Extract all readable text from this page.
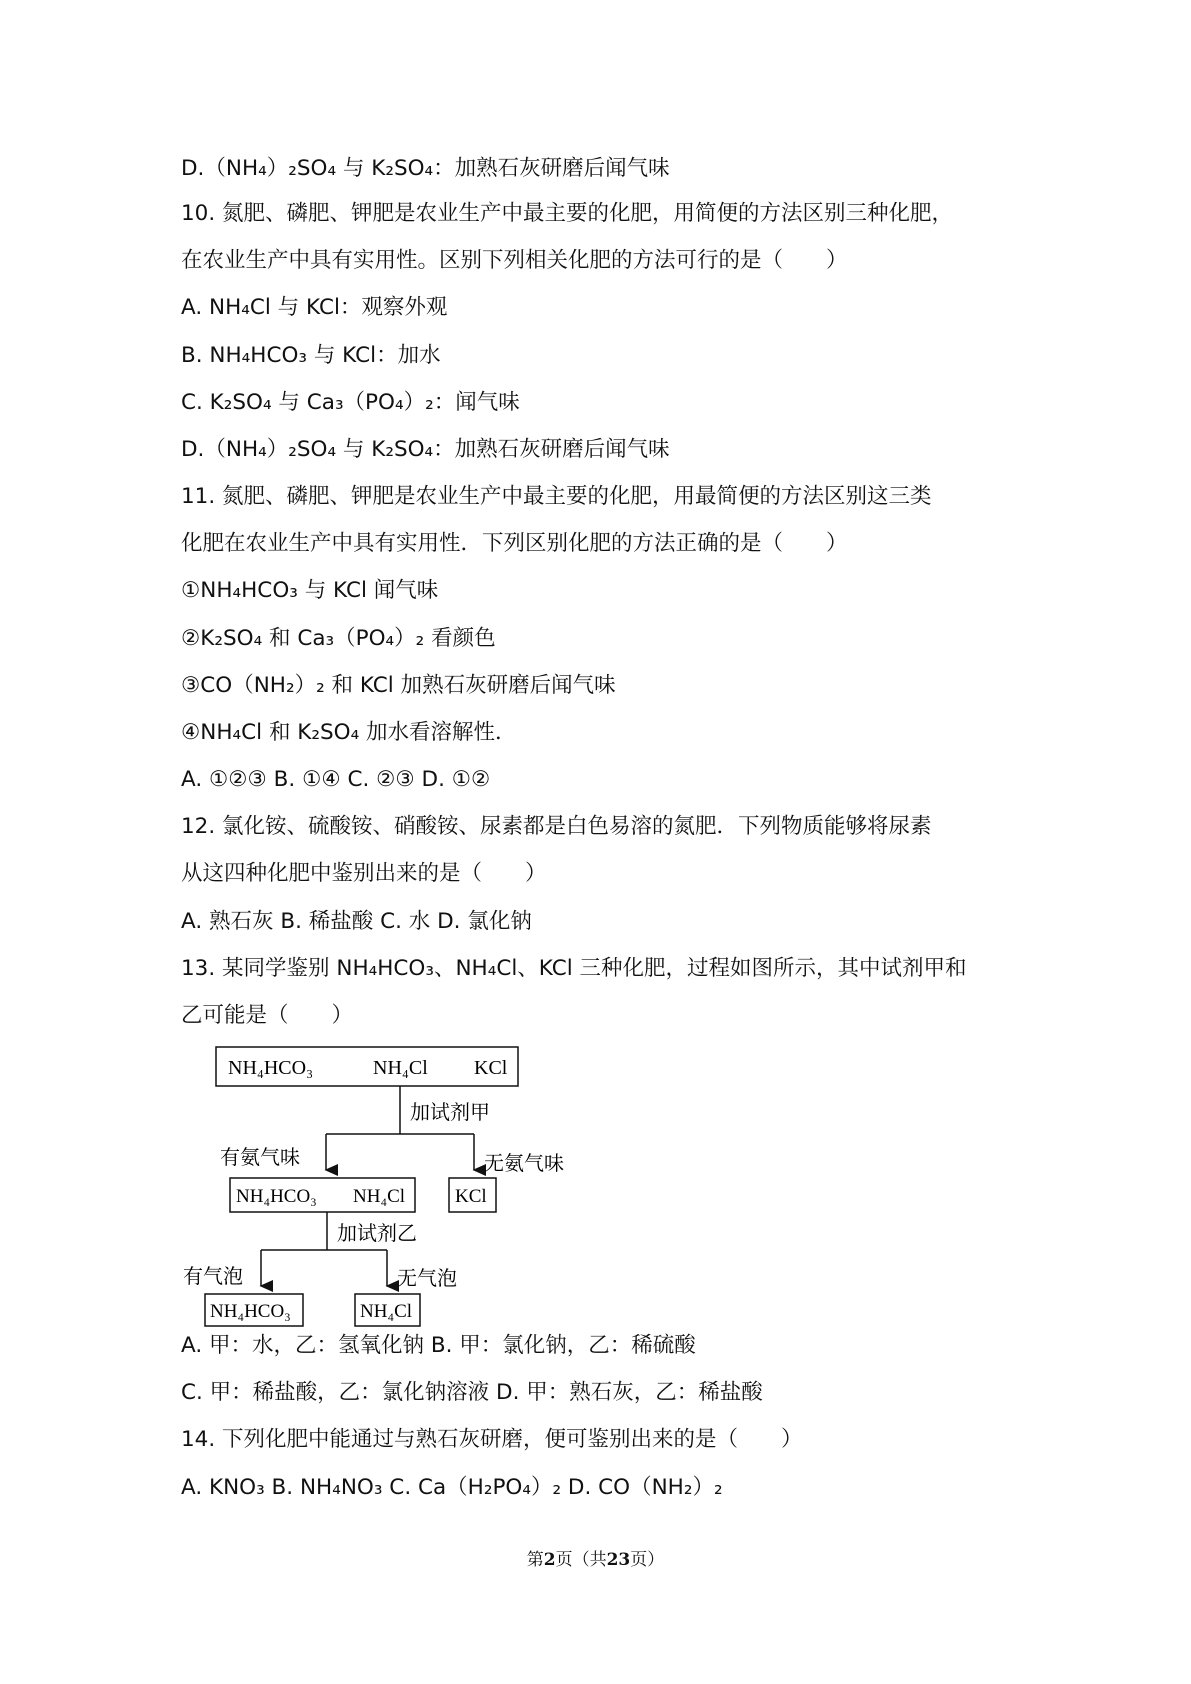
D.（NH₄）₂SO₄ 与 K₂SO₄：加熟石灰研磨后闻气味
10. 氮肥、磷肥、钾肥是农业生产中最主要的化肥，用简便的方法区别三种化肥，
在农业生产中具有实用性。区别下列相关化肥的方法可行的是（　　）
A. NH₄Cl 与 KCl：观察外观
B. NH₄HCO₃ 与 KCl：加水
C. K₂SO₄ 与 Ca₃（PO₄）₂：闻气味
D.（NH₄）₂SO₄ 与 K₂SO₄：加熟石灰研磨后闻气味
11. 氮肥、磷肥、钾肥是农业生产中最主要的化肥，用最简便的方法区别这三类
化肥在农业生产中具有实用性．下列区别化肥的方法正确的是（　　）
①NH₄HCO₃ 与 KCl 闻气味
②K₂SO₄ 和 Ca₃（PO₄）₂ 看颜色
③CO（NH₂）₂ 和 KCl 加熟石灰研磨后闻气味
④NH₄Cl 和 K₂SO₄ 加水看溶解性．
A. ①②③ B. ①④ C. ②③ D. ①②
12. 氯化铵、硫酸铵、硝酸铵、尿素都是白色易溶的氮肥．下列物质能够将尿素
从这四种化肥中鉴别出来的是（　　）
A. 熟石灰 B. 稀盐酸 C. 水 D. 氯化钠
13. 某同学鉴别 NH₄HCO₃、NH₄Cl、KCl 三种化肥，过程如图所示，其中试剂甲和
乙可能是（　　）
A. 甲：水，乙：氢氧化钠 B. 甲：氯化钠，乙：稀硫酸
C. 甲：稀盐酸，乙：氯化钠溶液 D. 甲：熟石灰，乙：稀盐酸
14. 下列化肥中能通过与熟石灰研磨，便可鉴别出来的是（　　）
A. KNO₃ B. NH₄NO₃ C. Ca（H₂PO₄）₂ D. CO（NH₂）₂
NH₄HCO₃	NH₄Cl KCl
加试剂甲
有氨气味	无氨气味
NH₄HCO₃ NH₄Cl	KCl
加试剂乙
有气泡	无气泡
NH₄HCO₃	NH₄Cl
第2页（共23页）
